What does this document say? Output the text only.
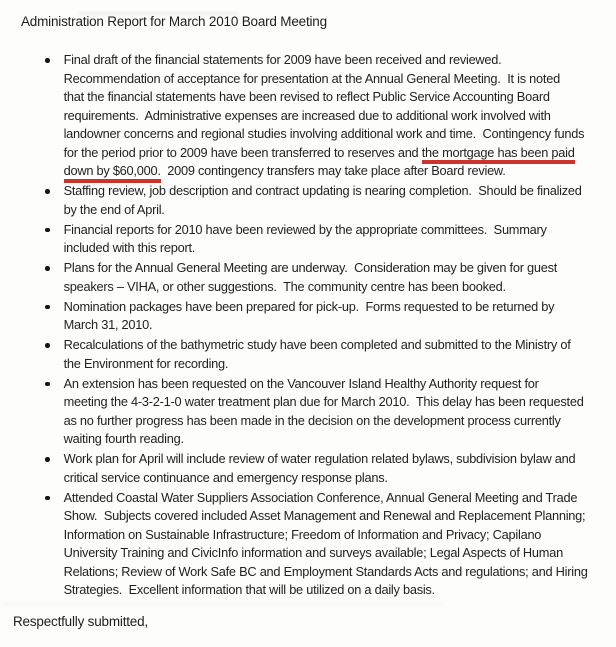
Administration Report for March 2010 Board Meeting
Final draft of the financial statements for 2009 have been received and reviewed.
Recommendation of acceptance for presentation at the Annual General Meeting.  It is noted
that the financial statements have been revised to reflect Public Service Accounting Board
requirements.  Administrative expenses are increased due to additional work involved with
landowner concerns and regional studies involving additional work and time.  Contingency funds
for the period prior to 2009 have been transferred to reserves and the mortgage has been paid
down by $60,000.  2009 contingency transfers may take place after Board review.
Staffing review, job description and contract updating is nearing completion.  Should be finalized
by the end of April.
Financial reports for 2010 have been reviewed by the appropriate committees.  Summary
included with this report.
Plans for the Annual General Meeting are underway.  Consideration may be given for guest
speakers – VIHA, or other suggestions.  The community centre has been booked.
Nomination packages have been prepared for pick-up.  Forms requested to be returned by
March 31, 2010.
Recalculations of the bathymetric study have been completed and submitted to the Ministry of
the Environment for recording.
An extension has been requested on the Vancouver Island Healthy Authority request for
meeting the 4-3-2-1-0 water treatment plan due for March 2010.  This delay has been requested
as no further progress has been made in the decision on the development process currently
waiting fourth reading.
Work plan for April will include review of water regulation related bylaws, subdivision bylaw and
critical service continuance and emergency response plans.
Attended Coastal Water Suppliers Association Conference, Annual General Meeting and Trade
Show.  Subjects covered included Asset Management and Renewal and Replacement Planning;
Information on Sustainable Infrastructure; Freedom of Information and Privacy; Capilano
University Training and CivicInfo information and surveys available; Legal Aspects of Human
Relations; Review of Work Safe BC and Employment Standards Acts and regulations; and Hiring
Strategies.  Excellent information that will be utilized on a daily basis.
Respectfully submitted,
